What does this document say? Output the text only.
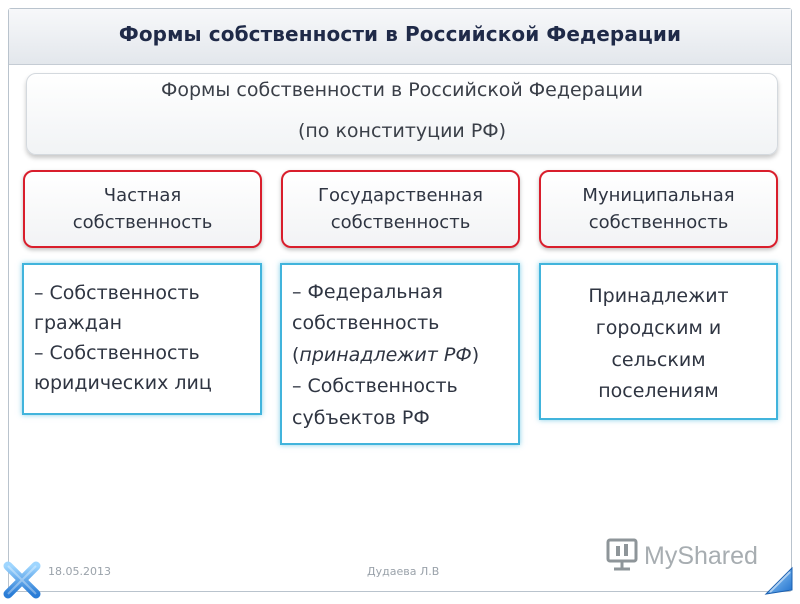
Формы собственности в Российской Федерации
Формы собственности в Российской Федерации
(по конституции РФ)
Частная
собственность
Государственная
собственность
Муниципальная
собственность
– Собственность
граждан
– Собственность
юридических лиц
– Федеральная
собственность
(принадлежит РФ)
– Собственность
субъектов РФ
Принадлежит
городским и
сельским
поселениям
18.05.2013	Дудаева Л.В
MyShared
